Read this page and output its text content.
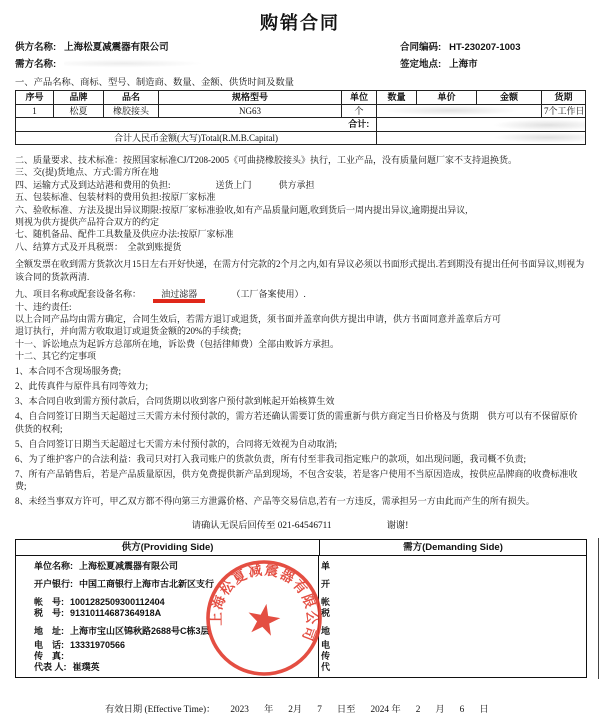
购销合同
供方名称: 上海松夏减震器有限公司
需方名称:
合同编码: HT-230207-1003
签定地点: 上海市
一、产品名称、商标、型号、制造商、数量、金额、供货时间及数量
序号	品牌	品名	规格型号	单位	数量	单价	金额	货期
1	松夏	橡胶接头	NG63	个				7个工作日
				合计:				
合计人民币金额(大写)Total(R.M.B.Capital)								
二、质量要求、技术标准：按照国家标准CJ/T208-2005《可曲挠橡胶接头》执行，工业产品，没有质量问题厂家不支持退换货。
三、交(提)货地点、方式:需方所在地
四、运输方式及到达站港和费用的负担:　　　　　送货上门　　　供方承担
五、包装标准、包装材料的费用负担:按原厂家标准
六、验收标准、方法及提出异议期限:按原厂家标准验收,如有产品质量问题,收到货后一周内提出异议,逾期提出异议,
则视为供方提供产品符合双方的约定
七、随机备品、配件工具数量及供应办法:按原厂家标准
八、结算方式及开具税票：　全款到账提货
全额发票在收到需方货款次月15日左右开好快递，在需方付完款的2个月之内,如有异议必须以书面形式提出.若到期没有提出任何书面异议,则视为该合同的货款两清.
九、项目名称或配套设备名称： 油过滤器	（工厂备案使用）.
十、违约责任:
以上合同产品均由需方确定，合同生效后，若需方退订或退货，须书面并盖章向供方提出申请，供方书面同意并盖章后方可
退订执行，并向需方收取退订或退货金额的20%的手续费;
十一、诉讼地点为起诉方总部所在地，诉讼费（包括律师费）全部由败诉方承担。
十二、其它约定事项
1、本合同不含现场服务费;
2、此传真件与原件具有同等效力;
3、本合同自收到需方预付款后，合同货期以收到客户预付款到帐起开始核算生效
4、自合同签订日期当天起超过三天需方未付预付款的，需方若还确认需要订货的需重新与供方商定当日价格及与货期　供方可以有不保留原价供货的权利;
5、自合同签订日期当天起超过七天需方未付预付款的，合同将无效视为自动取消;
6、为了维护客户的合法利益：我司只对打入我司账户的货款负责，所有付至非我司指定账户的款项，如出现问题，我司概不负责;
7、所有产品销售后，若是产品质量原因，供方免费提供新产品到现场，不包含安装，若是客户使用不当原因造成，按供应品牌商的收费标准收费;
8、未经当事双方许可，甲乙双方都不得向第三方泄露价格、产品等交易信息,若有一方违反，需承担另一方由此而产生的所有损失。
请确认无误后回传至 021-64546711	谢谢!
供方(Providing Side)	需方(Demanding Side)
单位名称: 上海松夏减震器有限公司
开户银行: 中国工商银行上海市古北新区支行
帐　号: 1001282509300112404
税　号: 91310114687364918A
地　址: 上海市宝山区锦秋路2688号C栋3层
电　话: 13331970566
传　真:
代表 人: 崔璞英
单
开
帐
税
地
电
传
代
上海松夏减震器有限公司
★
有效日期 (Effective Time)： 2023 年 2月 7 日至 2024 年 2 月 6 日
